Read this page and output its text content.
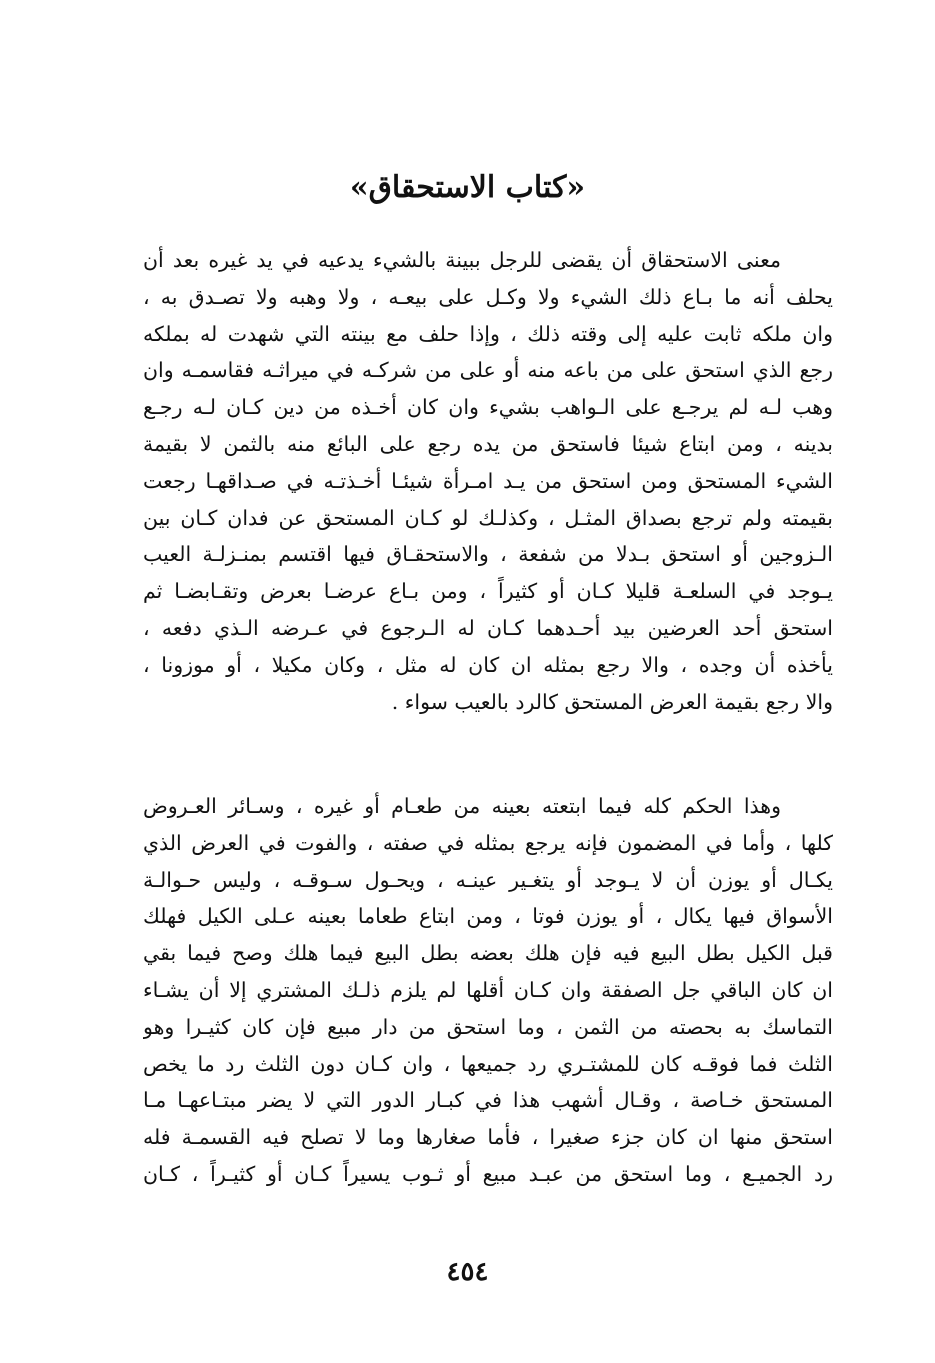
«كتاب الاستحقاق»
معنى الاستحقاق أن يقضى للرجل ببينة بالشيء يدعيه في يد غيره بعد أن
يحلف أنه ما بـاع ذلك الشيء ولا وكـل على بيعـه ، ولا وهبه ولا تصـدق به ،
وان ملكه ثابت عليه إلى وقته ذلك ، وإذا حلف مع بينته التي شهدت له بملكه
رجع الذي استحق على من باعه منه أو على من شركـه في ميراثـه فقاسمـه وان
وهب لـه لم يرجـع على الـواهب بشيء وان كان أخـذه من دين كـان لـه رجـع
بدينه ، ومن ابتاع شيئا فاستحق من يده رجع على البائع منه بالثمن لا بقيمة
الشيء المستحق ومن استحق من يـد امـرأة شيئـا أخـذتـه في صـداقهـا رجعت
بقيمته ولم ترجع بصداق المثـل ، وكذلـك لو كـان المستحق عن فدان كـان بين
الـزوجين أو استحق بـدلا من شفعة ، والاستحقـاق فيها اقتسم بمنـزلـة العيب
يـوجد في السلعـة قليلا كـان أو كثيراً ، ومن بـاع عرضـا بعرض وتقـابضـا ثم
استحق أحد العرضين بيد أحـدهما كـان له الـرجوع في عـرضه الـذي دفعه ،
يأخذه أن وجده ، والا رجع بمثله ان كان له مثل ، وكان مكيلا ، أو موزونا ،
والا رجع بقيمة العرض المستحق كالرد بالعيب سواء .
وهذا الحكم كله فيما ابتعته بعينه من طعـام أو غيره ، وسـائر العـروض
كلها ، وأما في المضمون فإنه يرجع بمثله في صفته ، والفوت في العرض الذي
يكـال أو يوزن أن لا يـوجد أو يتغـير عينـه ، ويحـول سـوقـه ، وليس حـوالـة
الأسواق فيها يكال ، أو يوزن فوتا ، ومن ابتاع طعاما بعينه عـلى الكيل فهلك
قبل الكيل بطل البيع فيه فإن هلك بعضه بطل البيع فيما هلك وصح فيما بقي
ان كان الباقي جل الصفقة وان كـان أقلها لم يلزم ذلـك المشتري إلا أن يشـاء
التماسك به بحصته من الثمن ، وما استحق من دار مبيع فإن كان كثيـرا وهو
الثلث فما فوقـه كان للمشتـري رد جميعها ، وان كـان دون الثلث رد ما يخص
المستحق خـاصة ، وقـال أشهب هذا في كبـار الدور التي لا يضر مبتـاعهـا مـا
استحق منها ان كان جزء صغيرا ، فأما صغارها وما لا تصلح فيه القسمـة فله
رد الجميـع ، وما استحق من عبـد مبيع أو ثـوب يسيراً كـان أو كثيـراً ، كـان
٤٥٤
